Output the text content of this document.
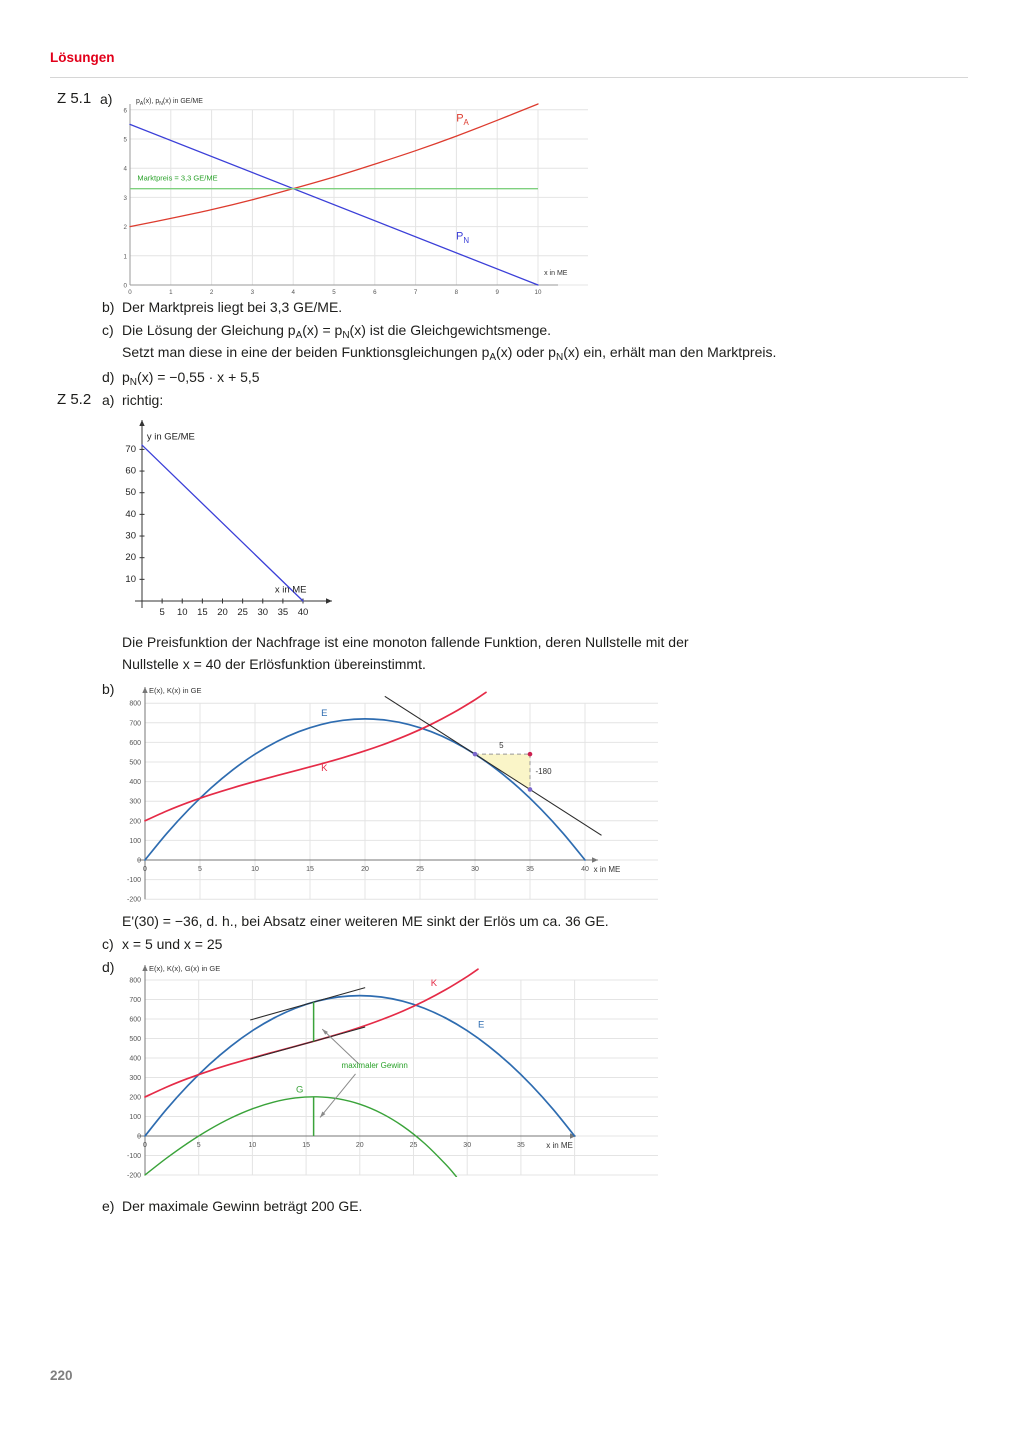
Lösungen
Z 5.1 a)
0	1	2	3	4	5	6	7	8	9	10
0
1
2
3
4
5
6
$p_A(x)$, $p_N(x)$ in GE/ME
$P_A$
$P_N$
Marktpreis = 3,3 GE/ME
x in ME
b) Der Marktpreis liegt bei 3,3 GE/ME.
c) Die Lösung der Gleichung $p_A(x) = p_N(x)$ ist die Gleichgewichtsmenge.
Setzt man diese in eine der beiden Funktionsgleichungen $p_A(x)$ oder $p_N(x)$ ein, erhält man den Marktpreis.
d) $p_N(x) = -0,55 \cdot x + 5,5$
Z 5.2 a) richtig:
5 10 15 20 25 30 35 40
10
20
30
40
50
60
70
y in GE/ME
x in ME
Die Preisfunktion der Nachfrage ist eine monoton fallende Funktion, deren Nullstelle mit der
Nullstelle x = 40 der Erlösfunktion übereinstimmt.
b)
0	5	10	15	20	25	30	35	40
-200
-100
0
100
200
300
400
500
600
700
800
E(x), K(x) in GE
E
K
5
-180
x in ME
E'(30) = −36, d. h., bei Absatz einer weiteren ME sinkt der Erlös um ca. 36 GE.
c) x = 5 und x = 25
d)
0	5	10	15	20	25	30	35
-200
-100
0
100
200
300
400
500
600
700
800
E(x), K(x), G(x) in GE
K
E
G
maximaler Gewinn
x in ME
e) Der maximale Gewinn beträgt 200 GE.
220
